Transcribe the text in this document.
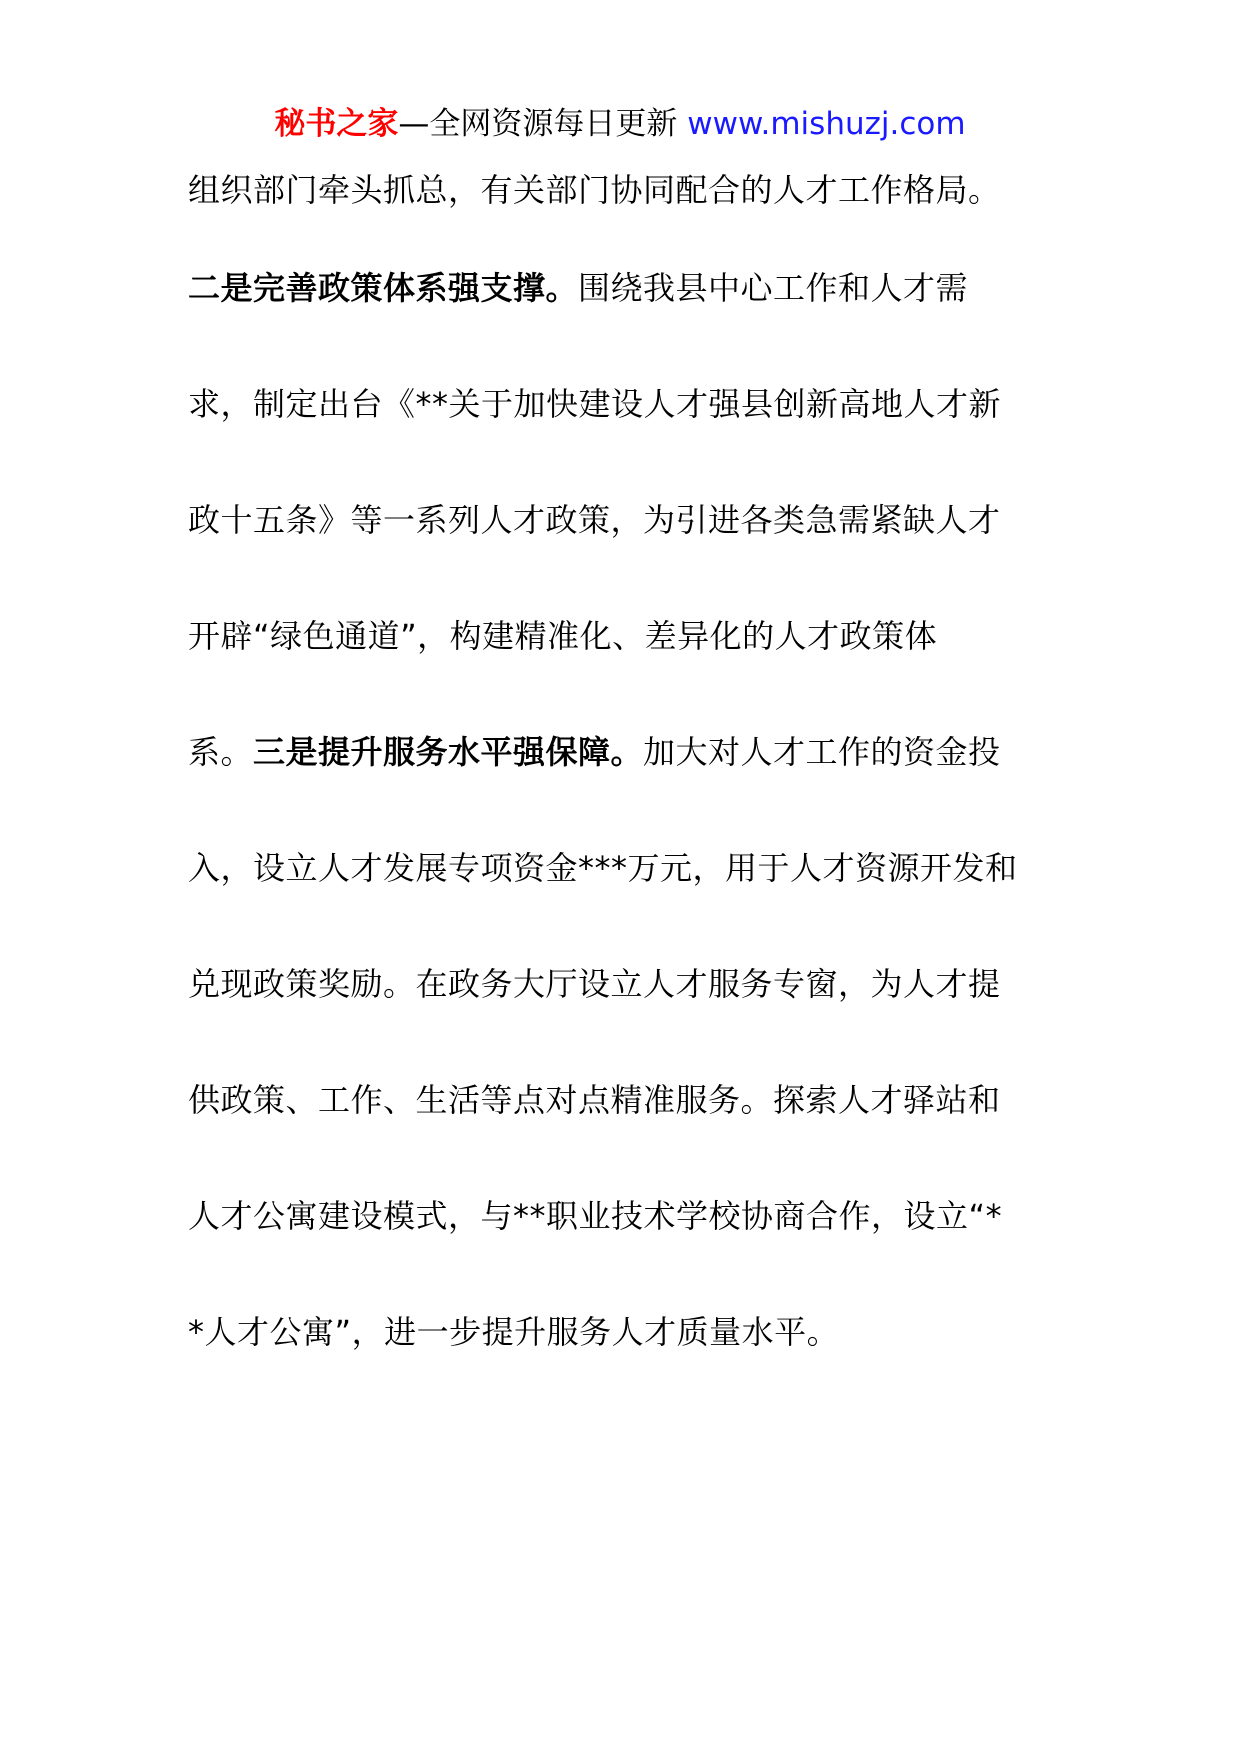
秘书之家—全网资源每日更新 www.mishuzj.com
组织部门牵头抓总，有关部门协同配合的人才工作格局。
二是完善政策体系强支撑。围绕我县中心工作和人才需
求，制定出台《**关于加快建设人才强县创新高地人才新
政十五条》等一系列人才政策，为引进各类急需紧缺人才
开辟“绿色通道”，构建精准化、差异化的人才政策体
系。三是提升服务水平强保障。加大对人才工作的资金投
入，设立人才发展专项资金***万元，用于人才资源开发和
兑现政策奖励。在政务大厅设立人才服务专窗，为人才提
供政策、工作、生活等点对点精准服务。探索人才驿站和
人才公寓建设模式，与**职业技术学校协商合作，设立“*
*人才公寓”，进一步提升服务人才质量水平。
